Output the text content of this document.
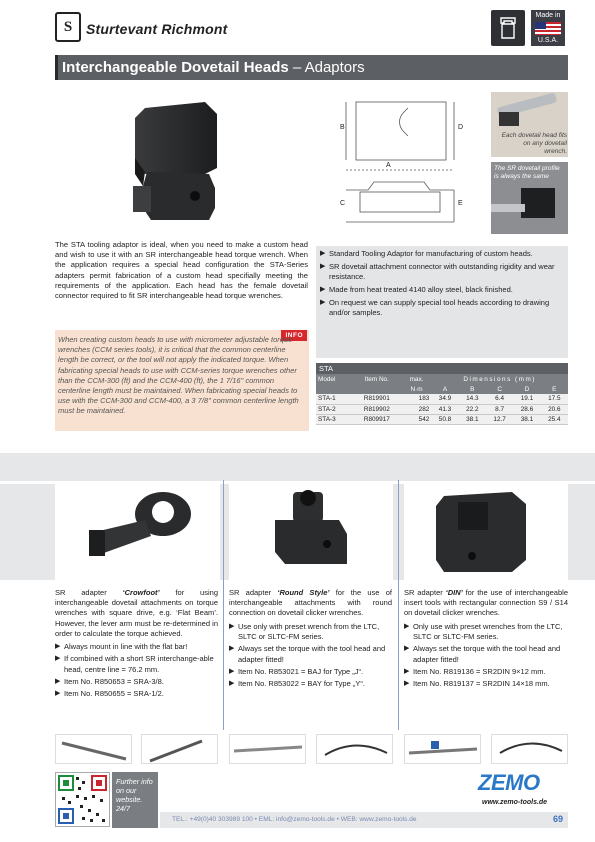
S Sturtevant Richmont
Made in
U.S.A.
Interchangeable Dovetail Heads – Adaptors
B	D
A
C	E
Each dovetail head fits on any dovetail wrench.
The SR dovetail profile is always the same
The STA tooling adaptor is ideal, when you need to make a custom head and wish to use it with an SR interchangeable head torque wrench. When the application requires a special head configuration the STA-Series adapters permit fabrication of a custom head specifially meeting the requirements of the application. Each head has the female dovetail connector required to fit SR interchangeable head torque wrenches.
INFO
When creating custom heads to use with micrometer adjustable torque wrenches (CCM series tools), it is critical that the common centerline length be correct, or the tool will not apply the indicated torque. When fabricating special heads to use with CCM-series torque wrenches other than the CCM-300 (ft) and the CCM-400 (ft), the 1 7/16" common centerline length must be maintained. When fabricating special heads to use with the CCM-300 and CCM-400, a 3 7/8" common centerline length must be maintained.
▶ Standard Tooling Adaptor for manufacturing of custom heads.
▶ SR dovetail attachment connector with outstanding rigidity and wear resistance.
▶ Made from heat treated 4140 alloy steel, black finished.
▶ On request we can supply special tool heads according to drawing and/or samples.
STA
Model	Item No.	max.	Dimensions (mm)				
		N·m	A	B	C	D	E
STA-1	R819901	183	34.9	14.3	6.4	19.1	17.5
STA-2	R819902	282	41.3	22.2	8.7	28.6	20.6
STA-3	R809917	542	50.8	38.1	12.7	38.1	25.4

SR adapter ‘Crowfoot’ for using interchangeable dovetail attachments on torque wrenches with square drive, e.g. ‘Flat Beam’. However, the lever arm must be re-determined in order to calculate the torque achieved.

▶ Always mount in line with the flat bar!
▶ If combined with a short SR interchange-able head, centre line = 76.2 mm.
▶ Item No. R850653 = SRA-3/8.
▶ Item No. R850655 = SRA-1/2.

SR adapter ‘Round Style’ for the use of interchangeable attachments with round connection on dovetail clicker wrenches.

▶ Use only with preset wrench from the LTC, SLTC or SLTC-FM series.
▶ Always set the torque with the tool head and adapter fitted!
▶ Item No. R853021 = BAJ for Type „J“.
▶ Item No. R853022 = BAY for Type „Y“.

SR adapter ‘DIN’ for the use of interchangeable insert tools with rectangular connection S9 / S14 on dovetail clicker wrenches.

▶ Only use with preset wrenches from the LTC, SLTC or SLTC-FM series.
▶ Always set the torque with the tool head and adapter fitted!
▶ Item No. R819136 = SR2DIN 9×12 mm.
▶ Item No. R819137 = SR2DIN 14×18 mm.
Further info on our website. 24/7
ZEMO
www.zemo-tools.de
TEL.: +49(0)40 303989 100 • EML: info@zemo-tools.de • WEB: www.zemo-tools.de	69
